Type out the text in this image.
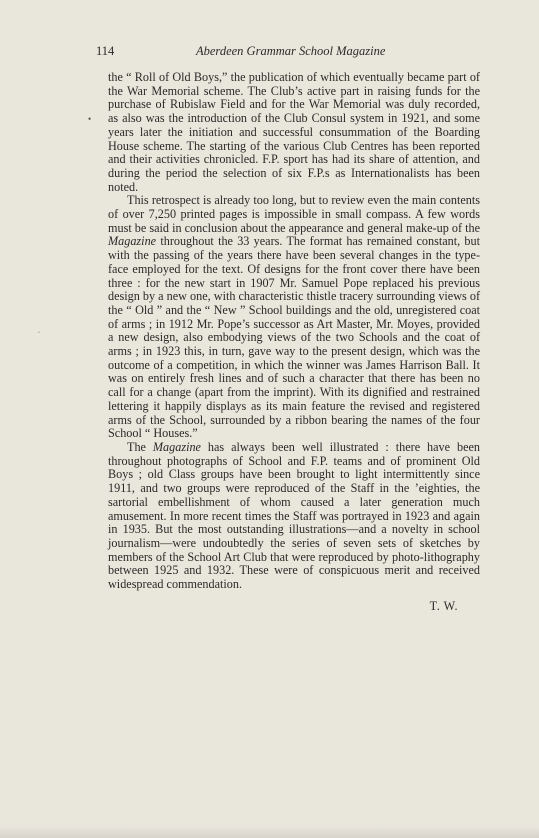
114	Aberdeen Grammar School Magazine
•
•

the “ Roll of Old Boys,” the publication of which eventually became part of the War Memorial scheme. The Club’s active part in raising funds for the purchase of Rubislaw Field and for the War Memorial was duly recorded, as also was the introduction of the Club Consul system in 1921, and some years later the initiation and successful consummation of the Boarding House scheme. The starting of the various Club Centres has been reported and their activities chronicled. F.P. sport has had its share of attention, and during the period the selection of six F.P.s as Internationalists has been noted.

This retrospect is already too long, but to review even the main contents of over 7,250 printed pages is impossible in small compass. A few words must be said in conclusion about the appearance and general make-up of the Magazine throughout the 33 years. The format has remained constant, but with the passing of the years there have been several changes in the typeface employed for the text. Of designs for the front cover there have been three : for the new start in 1907 Mr. Samuel Pope replaced his previous design by a new one, with characteristic thistle tracery surrounding views of the “ Old ” and the “ New ” School buildings and the old, unregistered coat of arms ; in 1912 Mr. Pope’s successor as Art Master, Mr. Moyes, provided a new design, also embodying views of the two Schools and the coat of arms ; in 1923 this, in turn, gave way to the present design, which was the outcome of a competition, in which the winner was James Harrison Ball. It was on entirely fresh lines and of such a character that there has been no call for a change (apart from the imprint). With its dignified and restrained lettering it happily displays as its main feature the revised and registered arms of the School, surrounded by a ribbon bearing the names of the four School “ Houses.”

The Magazine has always been well illustrated : there have been throughout photographs of School and F.P. teams and of prominent Old Boys ; old Class groups have been brought to light intermittently since 1911, and two groups were reproduced of the Staff in the ’eighties, the sartorial embellishment of whom caused a later generation much amusement. In more recent times the Staff was portrayed in 1923 and again in 1935. But the most outstanding illustrations—and a novelty in school journalism—were undoubtedly the series of seven sets of sketches by members of the School Art Club that were reproduced by photo-lithography between 1925 and 1932. These were of conspicuous merit and received widespread commendation.

T. W.
